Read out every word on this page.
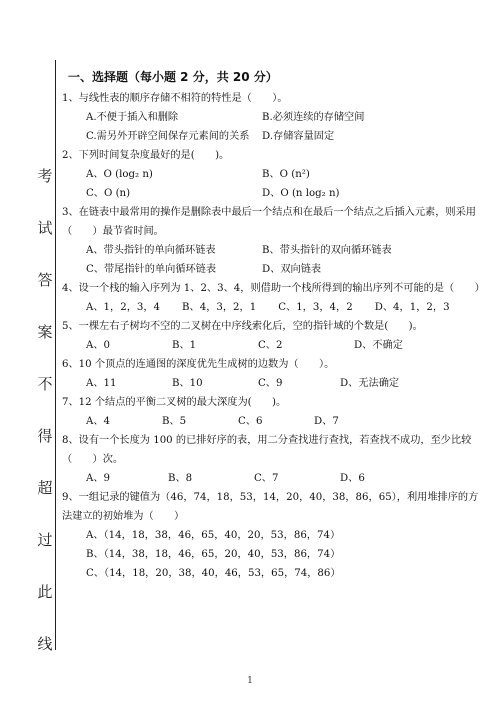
考
试
答
案
不
得
超
过
此
线
一、选择题（每小题 2 分，共 20 分）

1、与线性表的顺序存储不相符的特性是（　　）。

A.不便于插入和删除	B.必须连续的存储空间
C.需另外开辟空间保存元素间的关系	D.存储容量固定

2、下列时间复杂度最好的是(　　)。

A、O (log₂ n)	B、O (n²)
C、O (n)	D、O (n log₂ n)

3、在链表中最常用的操作是删除表中最后一个结点和在最后一个结点之后插入元素，则采用（　　）最节省时间。

A、带头指针的单向循环链表	B、带头指针的双向循环链表
C、带尾指针的单向循环链表	D、双向链表

4、设一个栈的输入序列为 1、2、3、4，则借助一个栈所得到的输出序列不可能的是（　　）

A、1，2，3，4 B、4，3，2，1 C、1，3，4，2 D、4，1，2，3

5、一棵左右子树均不空的二叉树在中序线索化后，空的指针域的个数是(　　)。

A、0	B、1	C、2	D、不确定

6、10 个顶点的连通图的深度优先生成树的边数为（　　）。

A、11	B、10	C、9	D、无法确定

7、12 个结点的平衡二叉树的最大深度为(　　)。

A、4	B、5	C、6	D、7

8、设有一个长度为 100 的已排好序的表，用二分查找进行查找，若查找不成功，至少比较（　　）次。

A、9	B、8	C、7	D、6

9、一组记录的键值为（46，74，18，53，14，20，40，38，86，65），利用堆排序的方法建立的初始堆为（　　）

A、（14，18，38，46，65，40，20，53，86，74）
B、（14，38，18，46，65，20，40，53，86，74）
C、（14，18，20，38，40，46，53，65，74，86）
1
